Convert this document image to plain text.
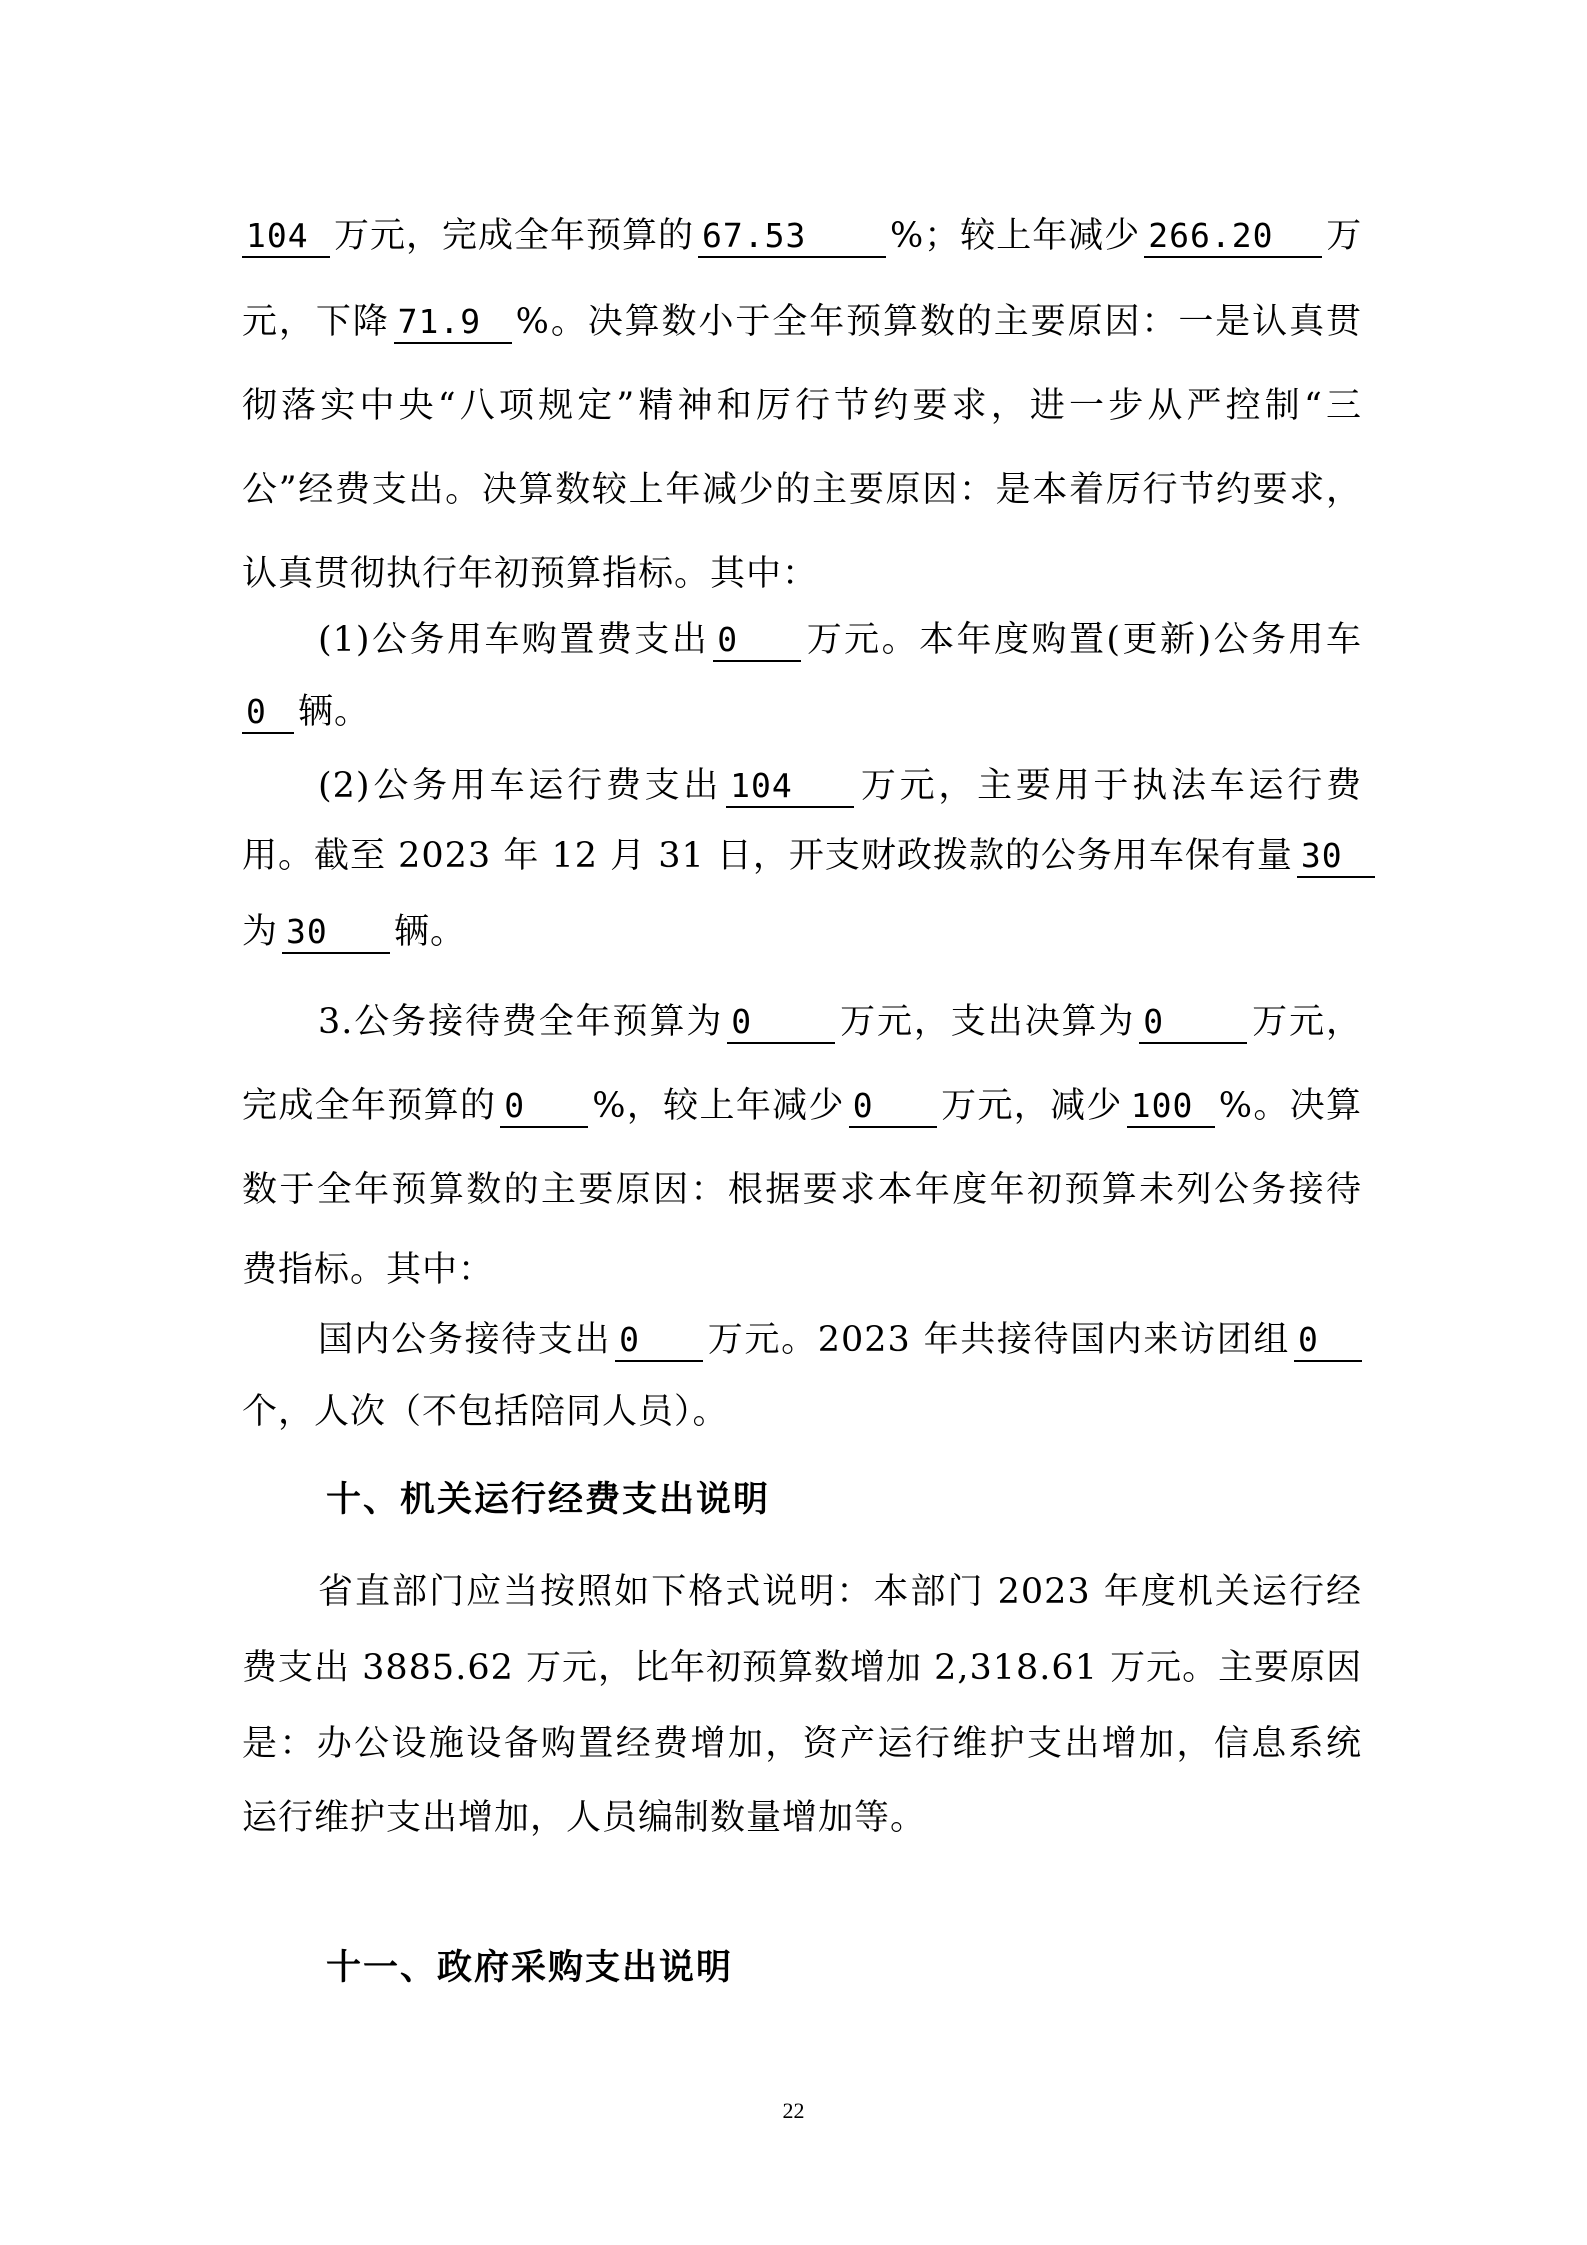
104 万元，完成全年预算的 67.53 %；较上年减少 266.20 万
元，下降 71.9 %。决算数小于全年预算数的主要原因：一是认真贯
彻落实中央“八项规定”精神和厉行节约要求，进一步从严控制“三
公”经费支出。决算数较上年减少的主要原因：是本着厉行节约要求，
认真贯彻执行年初预算指标。其中：
(1)公务用车购置费支出 0 万元。本年度购置(更新)公务用车
0 辆。
(2)公务用车运行费支出 104 万元，主要用于执法车运行费
用。截至 2023 年 12 月 31 日，开支财政拨款的公务用车保有量 30
为 30 辆。
3.公务接待费全年预算为 0 万元，支出决算为 0 万元，
完成全年预算的 0 %，较上年减少 0 万元，减少 100 %。决算
数于全年预算数的主要原因：根据要求本年度年初预算未列公务接待
费指标。其中：
国内公务接待支出 0 万元。2023 年共接待国内来访团组 0
个，人次（不包括陪同人员）。
十、机关运行经费支出说明
省直部门应当按照如下格式说明：本部门 2023 年度机关运行经
费支出 3885.62 万元，比年初预算数增加 2,318.61 万元。主要原因
是：办公设施设备购置经费增加，资产运行维护支出增加，信息系统
运行维护支出增加，人员编制数量增加等。
十一、政府采购支出说明
22
